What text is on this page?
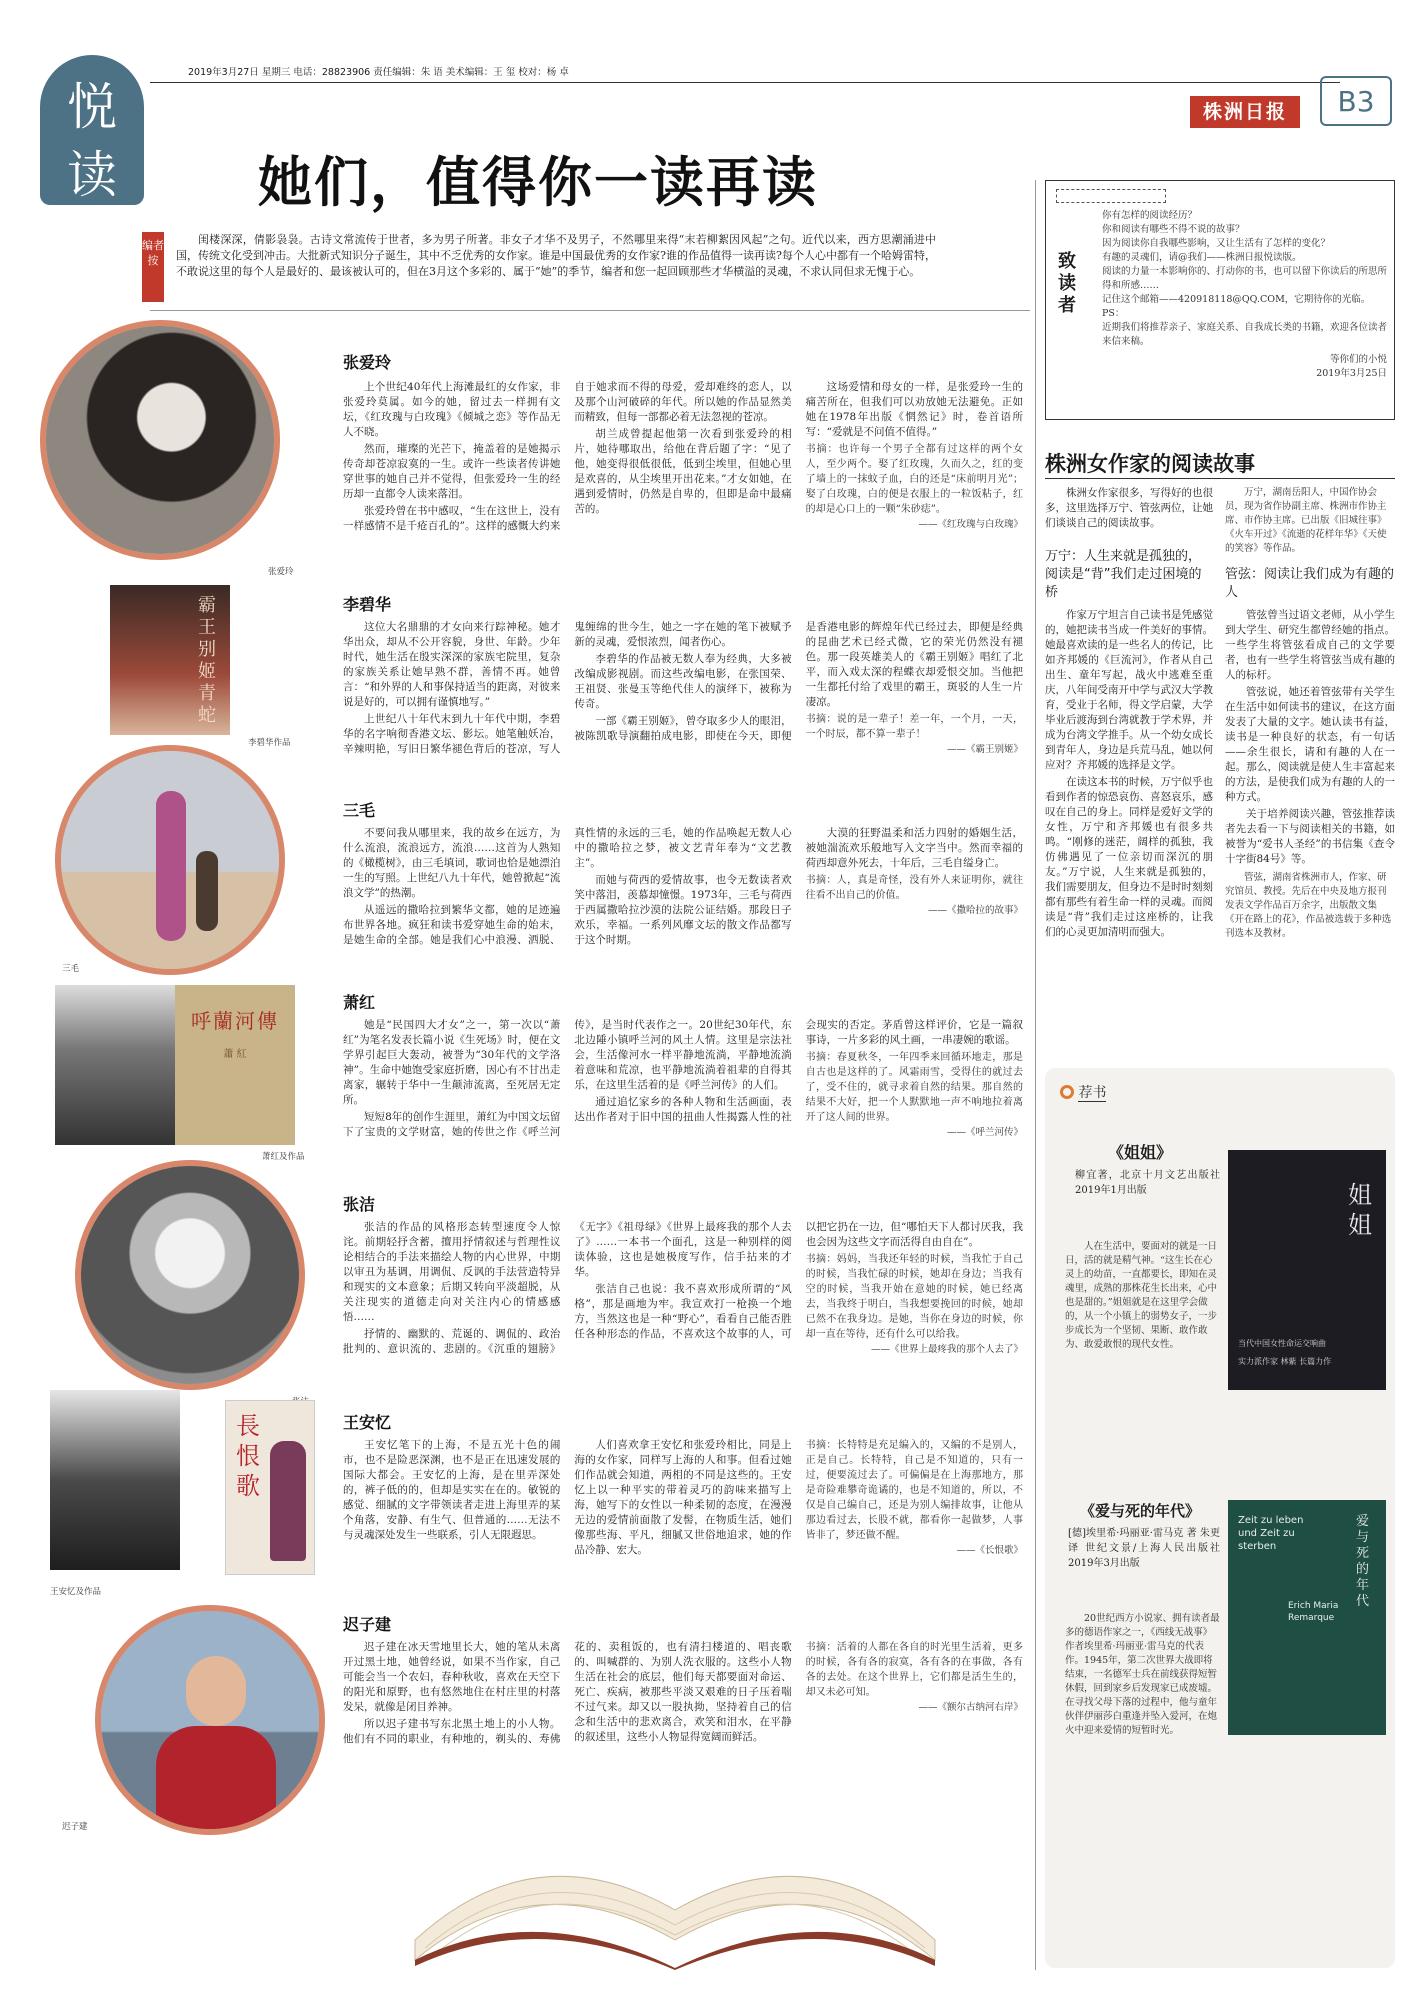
悦
读
2019年3月27日 星期三 电话：28823906 责任编辑：朱 语 美术编辑：王 玺 校对：杨 卓
株洲日报	B3
她们，值得你一读再读
编者按
闺楼深深，倩影袅袅。古诗文常流传于世者，多为男子所著。非女子才华不及男子，不然哪里来得“末若柳絮因风起”之句。近代以来，西方思潮涌进中国，传统文化受到冲击。大批新式知识分子诞生，其中不乏优秀的女作家。谁是中国最优秀的女作家?谁的作品值得一读再读?每个人心中都有一个哈姆雷特，不敢说这里的每个人是最好的、最该被认可的，但在3月这个多彩的、属于“她”的季节，编者和您一起回顾那些才华横溢的灵魂，不求认同但求无愧于心。
张爱玲
霸王别姬 青蛇
李碧华作品
三毛
呼蘭河傳
蕭 紅
萧红及作品
長恨歌
王安忆及作品
迟子建
张爱玲

上个世纪40年代上海滩最红的女作家，非张爱玲莫属。如今的她，留过去一样拥有文坛，《红玫瑰与白玫瑰》《倾城之恋》等作品无人不晓。

然而，璀璨的光芒下，掩盖着的是她揭示传奇却苍凉寂寞的一生。或许一些读者传讲她穿世事的她自己并不觉得，但张爱玲一生的经历却一直都令人读来落泪。

张爱玲曾在书中感叹，“生在这世上，没有一样感情不是千疮百孔的”。这样的感慨大约来自于她求而不得的母爱，爱却难终的恋人，以及那个山河破碎的年代。所以她的作品显然美而精致，但每一部都必着无法忽视的苍凉。

胡兰成曾提起他第一次看到张爱玲的相片，她待哪取出，给他在背后题了字：“见了他，她变得很低很低，低到尘埃里，但她心里是欢喜的，从尘埃里开出花来。”才女如她，在遇到爱情时，仍然是自卑的，但即是命中最痛苦的。

这场爱情和母女的一样，是张爱玲一生的痛苦所在，但我们可以劝放她无法避免。正如她在1978年出版《惘然记》时，卷首语所写：“爱就是不问值不值得。”

书摘：也许每一个男子全都有过这样的两个女人，至少两个。娶了红玫瑰，久而久之，红的变了墙上的一抹蚊子血，白的还是“床前明月光”；娶了白玫瑰，白的便是衣服上的一粒饭粘子，红的却是心口上的一颗“朱砂痣”。
——《红玫瑰与白玫瑰》
李碧华

这位大名鼎鼎的才女向来行踪神秘。她才华出众，却从不公开容貌，身世、年龄。少年时代，她生活在殷实深深的家族宅院里，复杂的家族关系让她早熟不群，善情不再。她曾言：“和外界的人和事保持适当的距离，对彼来说是好的，可以拥有谨慎地写。”

上世纪八十年代末到九十年代中期，李碧华的名字响彻香港文坛、影坛。她笔触妖冶，辛辣明艳，写旧日繁华褪色背后的苍凉，写人鬼缠绵的世今生，她之一字在她的笔下被赋予新的灵魂，爱恨浓烈，闻者伤心。

李碧华的作品被无数人奉为经典，大多被改编成影视剧。而这些改编电影，在张国荣、王祖贤、张曼玉等绝代佳人的演绎下，被称为传奇。

一部《霸王别姬》，曾夺取多少人的眼泪，被陈凯歌导演翻拍成电影，即使在今天，即便是香港电影的辉煌年代已经过去，即便是经典的昆曲艺术已经式微，它的荣光仍然没有褪色。那一段英雄美人的《霸王别姬》唱红了北平，而入戏太深的程蝶衣却爱恨交加。当他把一生都托付给了戏里的霸王，斑驳的人生一片凄凉。

书摘：说的是一辈子！差一年，一个月，一天，一个时辰，都不算一辈子！
——《霸王别姬》
三毛

不要问我从哪里来，我的故乡在远方，为什么流浪，流浪远方，流浪……这首为人熟知的《橄榄树》，由三毛填词，歌词也恰是她漂泊一生的写照。上世纪八九十年代，她曾掀起“流浪文学”的热潮。

从遥远的撒哈拉到繁华文都，她的足迹遍布世界各地。疯狂和读书爱穿她生命的始末，是她生命的全部。她是我们心中浪漫、洒脱、真性情的永远的三毛，她的作品唤起无数人心中的撒哈拉之梦，被文艺青年奉为“文艺教主”。

而她与荷西的爱情故事，也令无数读者欢笑中落泪，羡慕却憧憬。1973年，三毛与荷西于西属撒哈拉沙漠的法院公证结婚。那段日子欢乐，幸福。一系列风靡文坛的散文作品都写于这个时期。

大漠的狂野温柔和活力四射的婚姻生活，被她湍流欢乐般地写入文字当中。然而幸福的荷西却意外死去，十年后，三毛自缢身亡。

书摘：人，真是奇怪，没有外人来证明你，就往往看不出自己的价值。
——《撒哈拉的故事》
萧红

她是“民国四大才女”之一，第一次以“萧红”为笔名发表长篇小说《生死场》时，便在文学界引起巨大轰动，被誉为“30年代的文学洛神”。生命中她饱受家庭折磨，因心有不甘出走离家，辗转于华中一生颠沛流离，至死居无定所。

短短8年的创作生涯里，萧红为中国文坛留下了宝贵的文学财富，她的传世之作《呼兰河传》，是当时代表作之一。20世纪30年代，东北边陲小镇呼兰河的风土人情。这里是宗法社会，生活像河水一样平静地流淌，平静地流淌着意味和荒凉，也平静地流淌着祖辈的自得其乐，在这里生活着的是《呼兰河传》的人们。

通过追忆家乡的各种人物和生活画面，表达出作者对于旧中国的扭曲人性揭露人性的社会现实的否定。茅盾曾这样评价，它是一篇叙事诗，一片多彩的风土画，一串凄婉的歌谣。

书摘：春夏秋冬，一年四季来回循环地走，那是自古也是这样的了。风霜雨雪，受得住的就过去了，受不住的，就寻求着自然的结果。那自然的结果不大好，把一个人默默地一声不响地拉着离开了这人间的世界。
——《呼兰河传》
张洁

张洁的作品的风格形态转型速度令人惊诧。前期轻抒含蓄，擅用抒情叙述与哲理性议论相结合的手法来描绘人物的内心世界，中期以审丑为基调，用调侃、反讽的手法营造特异和现实的文本意象；后期又转向平淡超脱，从关注现实的道德走向对关注内心的情感感悟……

抒情的、幽默的、荒诞的、调侃的、政治批判的、意识流的、悲剧的。《沉重的翅膀》《无字》《祖母绿》《世界上最疼我的那个人去了》……一本书一个面孔，这是一种别样的阅读体验，这也是她极度写作，信手拈来的才华。

张洁自己也说：我不喜欢形成所谓的“风格”，那是画地为牢。我宣欢打一枪换一个地方，当然这也是一种“野心”，看看自己能否胜任各种形态的作品，不喜欢这个故事的人，可以把它扔在一边，但“哪怕天下人都讨厌我，我也会因为这些文字而活得自由自在”。

书摘：妈妈，当我还年轻的时候，当我忙于自己的时候，当我忙碌的时候，她却在身边；当我有空的时候，当我开始在意她的时候，她已经离去，当我终于明白，当我想要挽回的时候，她却已然不在我身边。是她，当你在身边的时候，你却一直在等待，还有什么可以给我。
——《世界上最疼我的那个人去了》
王安忆

王安忆笔下的上海，不是五光十色的闹市，也不是险恶深渊，也不是正在迅速发展的国际大都会。王安忆的上海，是在里弄深处的，裤子低的的，但却是实实在在的。敏锐的感觉、细腻的文字带领读者走进上海里弄的某个角落，安静、有生气、但普通的……无法不与灵魂深处发生一些联系，引人无限遐思。

人们喜欢拿王安忆和张爱玲相比，同是上海的女作家，同样写上海的人和事。但看过她们作品就会知道，两相的不同是这些的。王安忆上以一种平实的带着灵巧的韵味来描写上海，她写下的女性以一种柔韧的态度，在漫漫无边的爱情前面散了发髻，在物质生活，她们像那些海、平凡，细腻又世俗地追求，她的作品冷静、宏大。

书摘：长特特是充足编入的，又编的不是别人，正是自己。长特特，自己是不知道的，只有一过，便要流过去了。可偏偏是在上海那地方，那是奇险难攀奇诡谲的，也是不知道的，所以，不仅是自己编自己，还是为别人编排故事，让他从那边看过去，长股不就，都看你一起做梦，人事皆非了，梦还做不醒。
——《长恨歌》
迟子建

迟子建在冰天雪地里长大，她的笔从未离开过黑土地，她曾经说，如果不当作家，自己可能会当一个农妇，春种秋收，喜欢在天空下的阳光和原野，也有悠然地住在村庄里的村落发呆，就像是闭目养神。

所以迟子建书写东北黑土地上的小人物。他们有不同的职业，有种地的，剃头的、寿佛花的、卖租饭的，也有清扫楼道的、唱丧歌的、叫喊群的、为别人洗衣服的。这些小人物生活在社会的底层，他们每天都要面对命运、死亡、疾病，被那些平淡又艰难的日子压着喘不过气来。却又以一股执拗，坚持着自己的信念和生活中的悲欢离合，欢笑和泪水，在平静的叙述里，这些小人物显得宽阔而鲜活。

书摘：活着的人都在各自的时光里生活着，更多的时候，各有各的寂寞，各有各的在事做，各有各的去处。在这个世界上，它们都是活生生的，却又未必可知。
——《额尔古纳河右岸》
致读者
你有怎样的阅读经历？
你和阅读有哪些不得不说的故事？
因为阅读你自我哪些影响，又让生活有了怎样的变化？
有趣的灵魂们，请@我们——株洲日报悦读版。
阅读的力量一本影响你的、打动你的书，也可以留下你读后的所思所得和所感……
记住这个邮箱——420918118@QQ.COM，它期待你的光临。
PS：
近期我们将推荐亲子、家庭关系、自我成长类的书籍，欢迎各位读者来信来稿。
等你们的小悦
2019年3月25日
株洲女作家的阅读故事
株洲女作家很多，写得好的也很多，这里选择万宁、管弦两位，让她们谈谈自己的阅读故事。
万宁：人生来就是孤独的，阅读是“背”我们走过困境的桥

作家万宁坦言自己读书是凭感觉的，她把读书当成一件美好的事情。她最喜欢读的是一些名人的传记，比如齐邦媛的《巨流河》，作者从自己出生、童年写起，战火中逃难至重庆，八年间受南开中学与武汉大学教育，受业于名师，得文学启蒙，大学毕业后渡海到台湾就教于学术界，并成为台湾文学推手。从一个幼女成长到青年人，身边是兵荒马乱，她以何应对？齐邦媛的选择是文学。

在读这本书的时候，万宁似乎也看到作者的惊恐哀伤、喜怒哀乐，感叹在自己的身上。同样是爱好文学的女性，万宁和齐邦媛也有很多共鸣。“刚修的迷茫，阔样的孤独，我仿佛遇见了一位亲切而深沉的朋友。”万宁说，人生来就是孤独的，我们需要朋友，但身边不是时时刻刻都有那些有着生命一样的灵魂。而阅读是“背”我们走过这座桥的，让我们的心灵更加清明而强大。

万宁，湖南岳阳人，中国作协会员，现为省作协副主席、株洲市作协主席、市作协主席。已出版《旧城往事》《火车开过》《流逝的花样年华》《天使的笑容》等作品。
管弦：阅读让我们成为有趣的人

管弦曾当过语文老师，从小学生到大学生、研究生都曾经她的指点。一些学生将管弦看成自己的文学要者，也有一些学生将管弦当成有趣的人的标杆。

管弦说，她还着管弦带有关学生在生活中如何读书的建议，在这方面发表了大量的文字。她认读书有益，读书是一种良好的状态，有一句话——余生很长，请和有趣的人在一起。那么，阅读就是使人生丰富起来的方法，是使我们成为有趣的人的一种方式。

关于培养阅读兴趣，管弦推荐读者先去看一下与阅读相关的书籍，如被誉为“爱书人圣经”的书信集《查令十字街84号》等。

管弦，湖南省株洲市人，作家、研究馆员、教授。先后在中央及地方报刊发表文学作品百万余字，出版散文集《开在路上的花》，作品被选载于多种选刊选本及教材。
荐书
《姐姐》
柳宜著，北京十月文艺出版社 2019年1月出版
人在生活中，要面对的就是一日日，活的就是精气神。“这生长在心灵上的幼苗，一直都要长，即知在灵魂里，成熟的那株花生长出来，心中也是甜的。”姐姐就是在这里学会做的，从一个小镇上的弱势女子，一步步成长为一个坚韧、果断、敢作敢为、敢爱敢恨的现代女性。
姐姐
当代中国女性命运交响曲
实力派作家 林紫 长篇力作
《爱与死的年代》
[德]埃里希·玛丽亚·雷马克 著 朱更 译 世纪文景/上海人民出版社 2019年3月出版
20世纪西方小说家、拥有读者最多的德语作家之一，《西线无战事》作者埃里希·玛丽亚·雷马克的代表作。1945年，第二次世界大战即将结束，一名德军士兵在前线获得短暂休假，回到家乡后发现家已成废墟。在寻找父母下落的过程中，他与童年伙伴伊丽莎白重逢并坠入爱河，在炮火中迎来爱情的短暂时光。
Zeit zu leben und Zeit zu sterben
爱与死的年代
Erich Maria Remarque
